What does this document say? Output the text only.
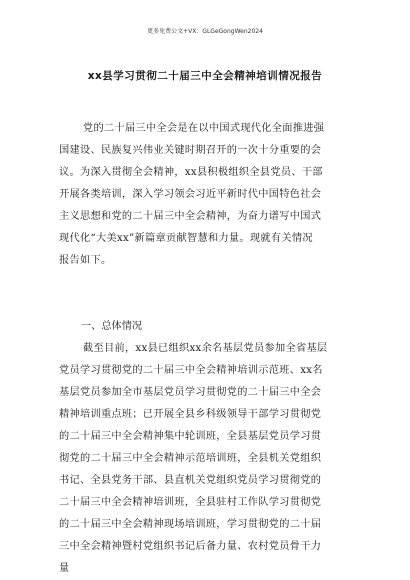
更多免费公文+VX：GLGeGongWen2024
xx县学习贯彻二十届三中全会精神培训情况报告
党的二十届三中全会是在以中国式现代化全面推进强
国建设、民族复兴伟业关键时期召开的一次十分重要的会
议。为深入贯彻全会精神，xx县积极组织全县党员、干部
开展各类培训，深入学习领会习近平新时代中国特色社会
主义思想和党的二十届三中全会精神，为奋力谱写中国式
现代化“大美xx”新篇章贡献智慧和力量。现就有关情况
报告如下。
一、总体情况
截至目前，xx县已组织xx余名基层党员参加全省基层
党员学习贯彻党的二十届三中全会精神培训示范班、xx名
基层党员参加全市基层党员学习贯彻党的二十届三中全会
精神培训重点班；已开展全县乡科级领导干部学习贯彻党
的二十届三中全会精神集中轮训班，全县基层党员学习贯
彻党的二十届三中全会精神示范培训班，全县机关党组织
书记、全县党务干部、县直机关党组织党员学习贯彻党的
二十届三中全会精神培训班，全县驻村工作队学习贯彻党
的二十届三中全会精神现场培训班，学习贯彻党的二十届
三中全会精神暨村党组织书记后备力量、农村党员骨干力
量
